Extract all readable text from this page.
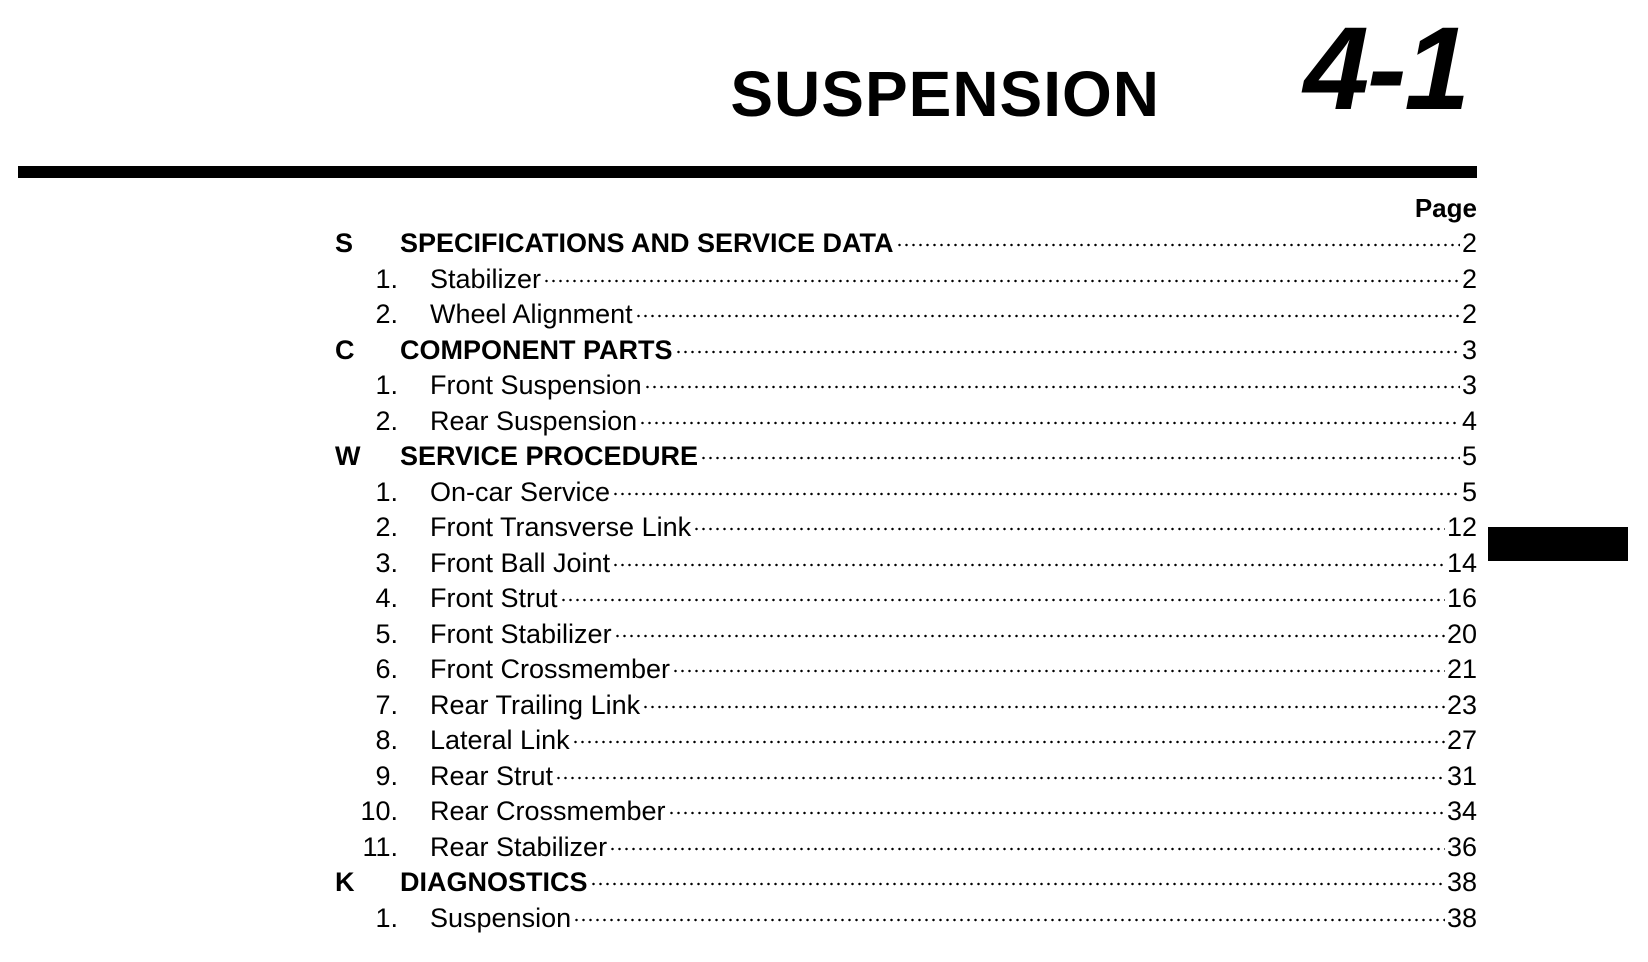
SUSPENSION 4-1
Page
S	SPECIFICATIONS AND SERVICE DATA	2
1.	Stabilizer	2
2.	Wheel Alignment	2
C	COMPONENT PARTS	3
1.	Front Suspension	3
2.	Rear Suspension	4
W	SERVICE PROCEDURE	5
1.	On-car Service	5
2.	Front Transverse Link	12
3.	Front Ball Joint	14
4.	Front Strut	16
5.	Front Stabilizer	20
6.	Front Crossmember	21
7.	Rear Trailing Link	23
8.	Lateral Link	27
9.	Rear Strut	31
10.	Rear Crossmember	34
11.	Rear Stabilizer	36
K	DIAGNOSTICS	38
1.	Suspension	38
